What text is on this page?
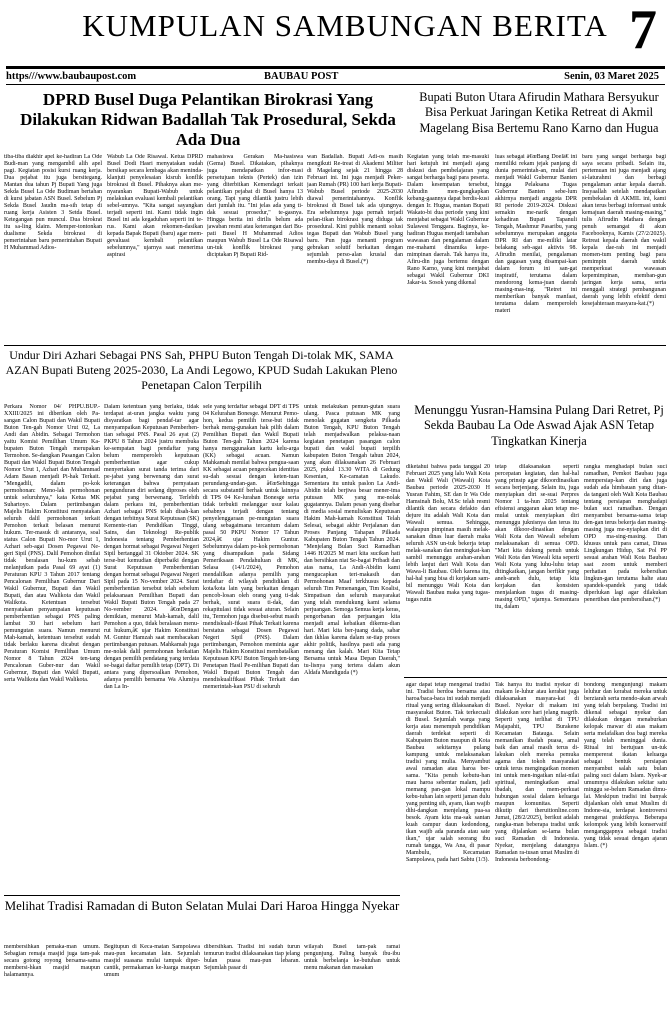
KUMPULAN SAMBUNGAN BERITA 7
https///www.baubaupost.com	BAUBAU POST	Senin, 03 Maret 2025
DPRD Busel Duga Pelantikan Birokrasi Yang Dilakukan Ridwan Badallah Tak Prosedural, Sekda Ada Dua
tiba-tiba diakhir apel ke-hadiran La Ode Budi-man yang mengambil alih apel pagi. Kegiatan posisi kursi ruang kerja. Dua pejabat itu juga bersitegang. Mantan dua tahun Pj Bupati Yang juga Sekda Busel La Ode Budiman bertahan di kursi jabatan ASN Busel. Sebelum Pj Sekda Busel Jaudin ma-sih tetap di ruang kerja Asisten 3 Setda Busel. Ketegangan pun muncul. Dua birokrat itu sa-ling klaim. Memper-tontonkan dualisme Sekda birokrasi di pemerintahan baru pemerintahan Bupati H Muhammad Adios-
Wabub La Ode Risawal. Ketua DPRD Busel Dodi Hasri menyatakan sudah bersikap secara lembaga akan meninda-klanjuti penyelesaian kisruh konflik birokrasi di Busel. Pihaknya akan me-nyarankan Bupati-Wabub untuk melakukan evaluasi kembali pelantikan sebel-umnya. "Kita sangat sayangkan terjadi seperti ini. Kami tidak ingin Busel ini ada kegaduhan seperti ini te-rus. Kami akan rekomen-dasikan kepada Bapak Bupati (baru) agar mem-gevaluasi kembali pelantikan sebelumnya," ujarnya saat menerima aspirasi
mahasiswa Gerakan Ma-hasiswa (Gema) Busel. Dikatakan, pihaknya juga mendapatkan infor-masi persetujuan teknis (Pertek) dan izin yang diterbitkan Kemendagri terkait pelantikan pejabat di Busel hanya 13 orang. Tapi yang dilantik justru lebih dari jumlah itu. "Ini jelas ada yang ti-dak sesuai prosedur," te-gasnya. Hingga berita ini dirilis belum ada jawaban resmi atau keterangan dari Bu-pati Busel H Muhammad Adios maupun Wabub Busel La Ode Risawal un-tuk konflik birokrasi yang diciptakan Pj Bupati Rid-
wan Badallah. Bupati Adi-os masih mengikuti Re-treat di Akademi Militer di Magelang sejak 21 hingga 28 Februari ini. Ini juga menjadi Peker-jaan Rumah (PR) 100 hari kerja Bupati-Wabub Busel periode 2025-2030 diawal pemerintahannya. Konflik birokrasi di Busel tak ada ujungnya. Era sebelumnya juga pernah terjadi pelan-tikan birokrasi yang diduga tak prosedural. Kini publik menanti solusi tegas Bupati dan Wabub Busel yang baru. Pun juga menanti program gebrakan solutif berkaitan dengan sejumlah perso-alan krusial dan membu-daya di Busel.(*)
Bupati Buton Utara Afirudin Mathara Bersyukur Bisa Perkuat Jaringan Ketika Retreat di Akmil Magelang Bisa Bertemu Rano Karno dan Hugua
Kegiatan yang telah me-masuki hari ketujuh ini menjadi ajang diskusi dan pembelajaran yang sangat berharga bagi para peserta. Dalam kesempatan tersebut, Afirudin men-gungkapkan kebang-gaannya dapat berdis-kusi dengan Ir. Hugua, mantan Bupati Wakato-bi dua periode yang kini menjabat sebagai Wakil Gubernur Sulawesi Tenggara. Baginya, ke-hadiran Hugua menjadi tambahan wawasan dan pengalaman dalam me-mahami dinamika kepe-mimpinan daerah. Tak hanya itu, Afiru-din juga bertemu dengan Rano Karno, yang kini menjabat sebagai Wakil Gubernur DKI Jakar-ta. Sosok yang dikenal
luas sebagai â€œBang Doelâ€ ini memiliki rekam jejak panjang di dunia pemerintah-an, mulai dari menjadi Wakil Gubernur Banten hingga Pelaksana Tugas Gubernur Banten sebe-lum akhirnya menjadi anggota DPR RI periode 2019-2024. Diskusi semakin me-narik dengan kehadiran Bupati Tapanuli Tengah, Mashmur Pasaribu, yang sebelumnya merupakan anggota DPR RI dan me-miliki latar belakang seb-agai aktivis 98. Afirudin menilai, pengalaman dan gagasan yang disampai-kan dalam forum ini san-gat inspiratif, terutama dalam mendorong kema-juan daerah masing-mas-ing. "Retret ini memberikan banyak manfaat, terutama dalam memperoleh materi
baru yang sangat berharga bagi saya secara pribadi. Selain itu, pertemuan ini juga menjadi ajang si-laturahmi dan berbagi pengalaman antar kepala daerah. Insyaallah setelah mendapatkan pembekalan di AKMIL ini, kami akan terus berbagi informasi untuk kemajuan daerah masing-masing," tulis Afirudin Mathara dengan penuh semangat di akun Facebooknya, Kamis (27/2/2025). Retreat kepala daerah dan wakil kepala dae-rah ini menjadi momen-tum penting bagi para pemimpin daerah untuk memperkuat wawasan kepemimpinan, memban-gun jaringan kerja sama, serta menggali strategi pembangunan daerah yang lebih efektif demi kesejahteraan masyara-kat.(*)
Undur Diri Azhari Sebagai PNS Sah, PHPU Buton Tengah Di-tolak MK, SAMA AZAN Bupati Buteng 2025-2030, La Andi Legowo, KPUD Sudah Lakukan Pleno Penetapan Calon Terpilih
Perkara Nomor 04/ PHPU.BUP.-XXIII/2025 ini diberikan oleh Pa-sangan Calon Bupati dan Wakil Bupati Buton Ten-gah Nomor Urut 02, La Andi dan Abidin. Sebagai Termohon yaitu Komisi Pemilihan Umum Ka-bupaten Buton Tengah merupakan Termohon. Se-dangkan Pasangan Calon Bupati dan Wakil Bupati Buton Tengah Nomor Urut 1, Azhari dan Muhammad Adam Basan menjadi Pi-hak Terkait. "Mengadili, dalam po-kok permohonan: Meno-lak permohonan untuk seluruhnya," kata Ketua MK Suhartoyo. Dalam pertimbangan Majelis Hakim Konstitusi menyatakan seluruh dalil permohonan terkait Pemohon terkait belasan menurut hukum. Ter-masuk di antaranya, soal status Calon Bupati No-mor Urut 1, Azhari seb-agai Dosen Pegawai Ne-geri Sipil (PNS). Dalil Pemohon dinilai tidak beralasan hu-kum sebab melanjutkan pada Pasal 69 ayat (1) Peraturan KPU 3 Tahun 2017 tentang Pencalonan Pemilihan Gubernur Dari Wakil Gubernur, Bupati dan Wakil Bupati, dan atau Walikota dan Wakil Walikota. Ketentuan tersebut menyatakan penyampaian keputusan pemberhentian sebagai PNS paling lambat 30 hari sebelum hari pemungutan suara. Namun menurut Mah-kamah, ketentuan tersebut sudah tidak berlaku karena dicabut dengan Peraturan Komisi Pemilihan Umum Nomor 8 Tahun 2024 ten-tang Pencalonan Guber-nur dan Wakil Gubernur, Bupati dan Wakil Bupati, serta Walikota dan Wakil Walikota.
Dalam ketentuan yang berlaku, tidak terdapat at-uran jangka waktu yang disyaratkan bagi pendaf-tar agar menyampaikan Keputusan Pemberhen-tian sebagai PNS. Pasal 26 ayat (2) PKPU 8 Tahun 2024 justru membuka ke-sempatan bagi pendaftar yang belum memperoleh keputusan pemberhentian agar cukup menyertakan surat tanda terima dari pe-jabat yang berwenang dan surat keterangan bahwa pernyataan pengunduran diri sedang diproses oleh pejabat yang berwenang. Terlebih dalam perkara ini, pemberhentian Azhari sebagai PNS telah disah-kan dengan terbitnya Surat Keputusan (SK) Kemente-rian Pendidikan Tinggi, Sains, dan Teknologi Re-publik Indonesia tentang Pemberhentian dengan hormat sebagai Pegawai Negeri Sipil bertanggal 31 Oktober 2024. SK terse-but kemudian diperbaiki dengan Surat Keputusan Pemberhentian dengan hormat sebagai Pegawai Negeri Sipil pada 15 No-vember 2024. Surat pemberhentian tersebut telah sebelum pelaksanaan Pemilihan Bupati dan Wakil Bupati Buton Tengah pada 27 No-vember 2024. â€œDengan demikian, menurut Mah-kamah, dalil Pemohon a quo, tidak beralasan menu-rut hukum,â€ ujar Hakim Konstitusi M. Guntur Hamzah saat membacakan pertimbangan putusan. Mahkamah juga me-nolak dalil permohonan berkaitan dengan pemilih pendatang yang terdata se-bagai daftar pemilih tetap (DPT). Di antara yang dipersoalkan Pemohon, adanya pemilih bernama Wa Alumiya dan La In-
sele yang terdaftar sebagai DPT di TPS 04 Kelurahan Bonesge. Menurut Pemo-hon, kedua pemilih terse-but tidak berhak meng-gunakan hak pilih dalam Pemilihan Bupati dan Wakil Bupati Buton Ten-gah Tahun 2024 karena hanya menggunakan kartu kelu-arga (KK) sebagai acuan. Namun Mahkamah menilai bahwa pengua-saan KK sebagai acuan pengecekan identitas su-dah sesuai dengan keten-tuan perundang-undan-gan. â€œSehingga secara substantif berhak untuk lainnya di TPS 04 Ke-lurahan Bonesge serta tidak terbukti melanggar usur kalau sebabnya terjadi dengan tentang penyelenggaraan pe-mungutan suara ulang sebagaimana tercantum dalam pasal 50 PKPU Nomor 17 Tahun 2024,â€ ujar Hakim Guntur. Sebelumnya dalam po-kok permohonan yang disampaikan pada Sidang Pemeriksaan Pendahuluan di MK, Selasa (14/1/2024), Pemohon mendalilkan adanya pemilih yang terdaftar di wilayah pendidikan di kota/kota lain yang berkaitan dengan pencob-losan oleh orang yang ti-dak berhak, surat suara ti-dak, dan rekapitulasi tidak sesuai aturan. Selain itu, Termohon juga disebut-sebut masih mendiskuali-fikasi Pihak Terkait karena berstatus sebagai Dosen Pegawai Negeri Sipil (PNS). Dalam pertimbangan, Pemohon meminta agar Majelis Hakim Konstitusi membatalkan Keputusan KPU Buton Tengah ten-tang Penetapan Hasil Pe-milihan Bupati dan Wakil Bupati Buton Tengah dan mendiskualifikasi Pihak Terkait dan memerintah-kan PSU di seluruh
untuk melakukan pemun-gutan suara ulang. Pasca putusan MK yang menolak gugatan sengketa Pilkada Buton Tengah, KPU Buton Tengah telah menjadwalkan pelaksa-naan kegiatan penetapan pasangan calon bupati dan wakil bupati terpilih kabupaten Buton Tengah tahun 2024, yang akan dilaksanakan 26 Februari 2025, pukul 13.30 WITA di Gedung Kesenian, Ke-camatan Lakudo. Sementara itu untuk paslon La Andi-Abidin telah berjiwa besar mener-ima putusan MK yang me-nolak gugatannya. Dalam pesan yang disebar di media sosial menuliskan Keputusan Hakim Mah-kamah Konstitusi Telah Selesai, sebagai akhir Perjalanan dan Proses Panjang Tahapan Pilkada Kabupaten Buton Tengah Tahun 2024. "Menjelang Bulan Suci Ramadhan 1446 H/2025 M mari kita sucikan hati dan bersihkan niat Se-bagai Pribadi dan atas nama, La Andi-Abidin kami mengucapkan teri-makasih dan Permohonan Maaf terkhusus kepada seluruh Tim Pemenangan, Tim Koalisi, Simpatisan dan seluruh masyarakat yang telah mendukung kami selama perjuangan. Semoga Semua kerja keras, pengorbanan dan perjuangan kita menjadi amal kebaikan dikemu-dian hari. Mari kita ber-juang dada, sabar dan ikhlas karena dalam se-tiap proses akhir politik, hasilnya pasti ada yang menang dan kalah. Mari Kita Tetap Bersama untuk Masa Depan Daerah," tu-lisnya yang tertera dalam akun Aldafa Mandiguda (*)
Menunggu Yusran-Hamsina Pulang Dari Retret, Pj Sekda Baubau La Ode Aswad Ajak ASN Tetap Tingkatkan Kinerja
diketahui bahwa pada tanggal 20 Februari 2025 yang lalu Wali Kota dan Wakil Wali (Wawali) Kota Baubau periode 2025-2030 H Yusran Fahim, SE dan Ir Wa Ode Hamsinah Bolu, M.Sc telah resmi dilantik dan secara defakto dan dejure itu adalah Wali Kota dan Wawali semua. Sehingga, walaupun pimpinan masih melak-sanakan dinas luar daerah maka seluruh ASN un-tuk bekerja tetap melak-sanakan dan meningkat-kan sambil menunggu arahan-arahan lebih lanjut dari Wali Kota dan Wawa-li Baubau. Oleh karena itu, hal-hal yang bisa di kerjakan sam-bil menunggu Wali Kota dan Wawali Baubau maka yang tugas-tugas rutin
tetap dilaksanakan seperti percepatan kegiatan, dan hal-hal yang prinsip agar dikoordinasikan secara berjenjang. Selain itu, juga menyiapkan diri se-suai Perpres Nomor 1 ta-hun 2025 tentang efisiensi anggaran akan tetap me-mulai untuk menyiapkan diri menunggu juknisnya dan terus itu akan dikoor-dinasikan dengan Wali Kota dan Wawali sebelum melaksanakan di semua OPD. "Mari kita dukung penuh untuk Wali Kota dan Wawali kita seperti Wali Kota yang luhu-luhu tetap ditingkatkan, jangan berfikir yang aneh-aneh dulu, tetap kita kerjakan dan konsisten menjalankan tugas di masing-masing OPD," ujarnya. Sementara itu, dalam
rangka menghadapi bulan suci ramadhan, Pemkot Baubau juga mempersiap-kan diri dan juga sudah ada himbauan yang ditan-da tangani oleh Wali Kota Baubau tentang persiapan menghadapi bulan suci ramadhan. Dengan menyambut bersama-sama tetap den-gan terus bekerja dan masing-masing juga me-nyiapkan diri di OPD ma-sing-masing. Dan khusus untuk para camat, Dinas Lingkungan Hidup, Sat Pol PP sesuai arahan Wali Kota Baubau saat zoom untuk memberi perhatian pada kebersihan lingkun-gan terutama halte atau spandek-spandek yang tidak diperlukan lagi agar dilakukan penertiban dan pembersihan.(*)
agar dapat tetap mengenal tradisi ini. Tradisi berdoa bersama atau haroa/baca-baca ini sudah menjadi ritual yang sering dilaksanakan di masyarakat Buton. Tak terkecuali di Busel. Sejumlah warga yang kerja atau menempuh pendidikan daerah terdekat seperti di Kabupaten Buton maupun di Kota Baubau sekitarnya pulang kampung untuk melaksanakan tradisi yang mulia. Menyambut awal ramadan atau haroa ber-sama. "Kita penuh kebutu-han mau haroa sebentar malam, jadi memang pan-gan lokal mampu kebu-tuhan lain seperti jaman dulu yang penting sih, ayam, ikan wajib dihi-dangkan menjelang pua-sa besok. Ayam kita ma-sak santan kuah campur daun kedondong, ikan wajib ada paranda atau sate ikan," ujar salah seorang ibu rumah tangga, Wa Ana, di pasar Mambulu, Kecamatan Sampolawa, pada hari Sabtu (1/3).
Tak hanya itu tradisi nyekar di makam le-luhur atau kerabat juga dilaksanakan masyara-kat di Busel. Nyekar di makam ini dilakukan sore hari jelang magrib. Seperti yang terlihat di TPU Majapahit, TPU Burakene Kecamatan Batauga. Selain memanikan ibadah puasa, amal baik dan amal masih terus di-lakukan oleh mereka pemuka agama dan tokoh masyarakat untuk terus mengingatkan momen ini untuk men-ingatkan nilai-nilai spiritual, meningkatkan amal ibadah, dan mem-perkuat hubungan sosial dalam keluarga maupun komunitas. Seperti dikutip dari theruitionline.com Jumat, (28/2/2025), berikut adalah rangka-man beberapa tradisi unik yang dijalankan se-lama bulan suci Ramadan di Indonesia. Nyekar, menjelang datangnya Ramadan ra-tusan umat Muslim di Indonesia berbondong-
bondong mengunjungi makam leluhur dan kerabat mereka untuk berziarah serta mendo-akan arwah yang telah berpulang. Tradisi ini dikenal sebagai nyekar dan dilakukan dengan menaburkan kelopak mawar di atas makam serta melafalkan doa bagi mereka yang telah meninggal dunia. Ritual ini bertujuan un-tuk mempererat ikatan keluarga sebagai bentuk persiapan menyambut salah satu bulan paling suci dalam Islam. Nyek-ar umumnya dilakukan sekitar satu minggu se-belum Ramadan dimu-lai. Meskipun tradisi ini banyak dijalankan oleh umat Muslim di Indone-sia, terdapat kontroversi mengenai praktiknya. Beberapa kelompok yang lebih konservatif menganggapnya sebagai tradisi yang tidak sesuai dengan ajaran Islam. (*)
Melihat Tradisi Ramadan di Buton Selatan Mulai Dari Haroa Hingga Nyekar
membersihkan pemaka-man umum. Sebagian remaja masjid juga tam-pak secara gotong royong bersama-sama membersi-hkan masjid maupun halamannya.
Begitupun di Keca-matan Sampolawa mau-pun kecamatan lain. Sejumlah masjid suasana mulai tampak diper-cantik, permakaman ke-luarga maupun umum
dibersihkan. Tradisi ini sudah turun temurun tradisi dilaksanakan tiap jelang bulan puasa mau-pun lebaran. Sejumlah pasar di
wilayah Busel tam-pak ramai pengunjung. Paling banyak ibu-ibu untuk berbelanja ke-butuhan untuk menu makanan dan masakan
